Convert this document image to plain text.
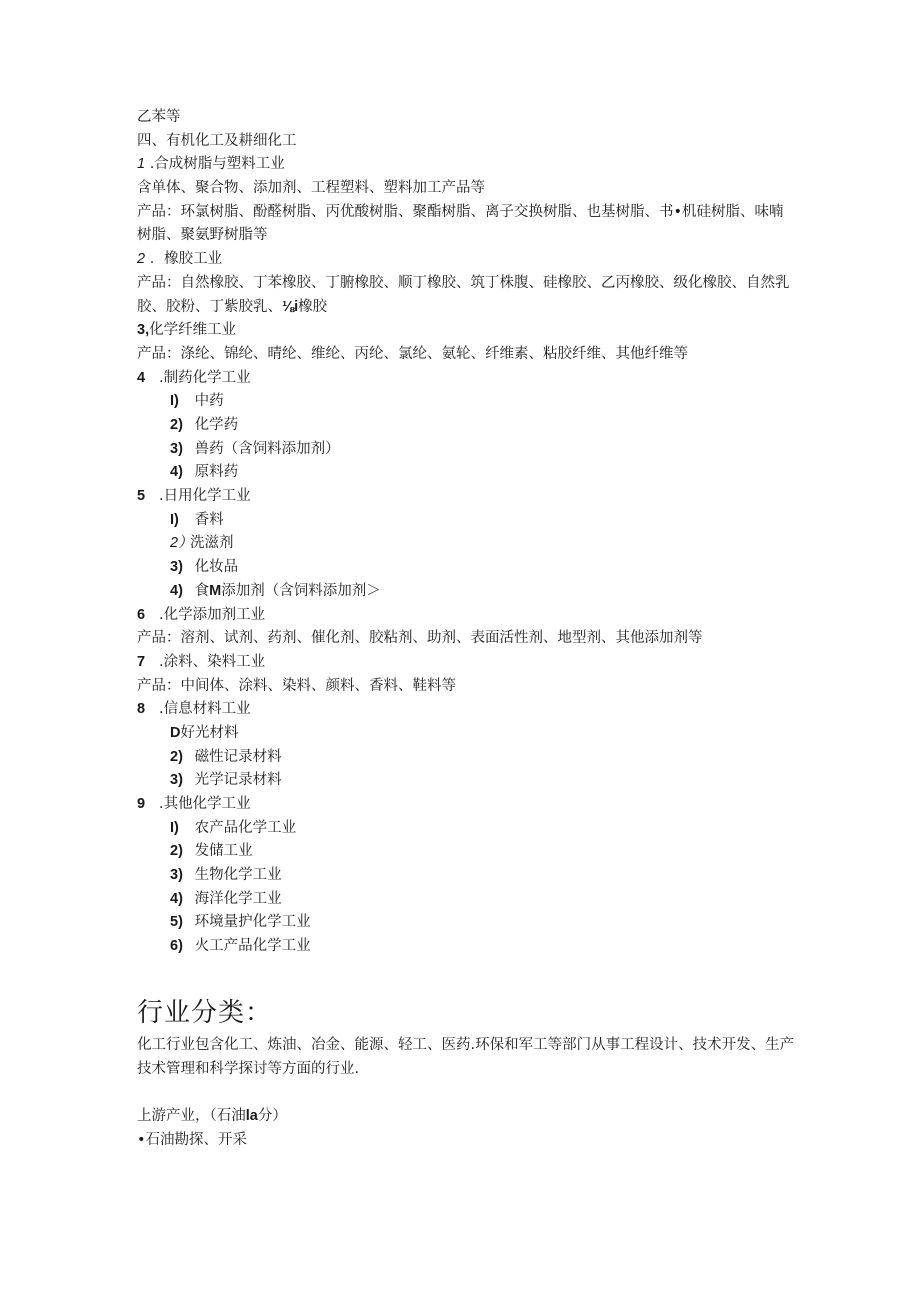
乙苯等
四、有机化工及耕细化工
1 .合成树脂与塑料工业
含单体、聚合物、添加剂、工程塑料、塑料加工产品等
产品：环氯树脂、酚醛树脂、丙优酸树脂、聚酯树脂、离子交换树脂、也基树脂、书•机硅树脂、味喃树脂、聚氨野树脂等
2 ．橡胶工业
产品：自然橡胶、丁苯橡胶、丁腑橡胶、顺丁橡胶、筑丁株腹、硅橡胶、乙丙橡胶、级化橡胶、自然乳胶、胶粉、丁紫胶乳、⅛i橡胶
3,化学纤维工业
产品：涤纶、锦纶、晴纶、维纶、丙纶、氯纶、氨轮、纤维素、粘胶纤维、其他纤维等
4 .制药化学工业
I) 中药
2) 化学药
3) 兽药（含饲料添加剂）
4) 原料药
5 .日用化学工业
I) 香料
2）洗滋剂
3) 化妆品
4) 食M添加剂（含饲料添加剂＞
6 .化学添加剂工业
产品：溶剂、试剂、药剂、催化剂、胶粘剂、助剂、表面活性剂、地型剂、其他添加剂等
7 .涂料、染料工业
产品：中间体、涂料、染料、颜料、香料、鞋料等
8 .信息材料工业
D好光材料
2) 磁性记录材料
3) 光学记录材料
9 .其他化学工业
I) 农产品化学工业
2) 发储工业
3) 生物化学工业
4) 海洋化学工业
5) 环境量护化学工业
6) 火工产品化学工业
行业分类：
化工行业包含化工、炼油、冶金、能源、轻工、医药.环保和军工等部门从事工程设计、技术开发、生产技术管理和科学探讨等方面的行业.
上游产业，（石油la分）
•石油勘探、开采
